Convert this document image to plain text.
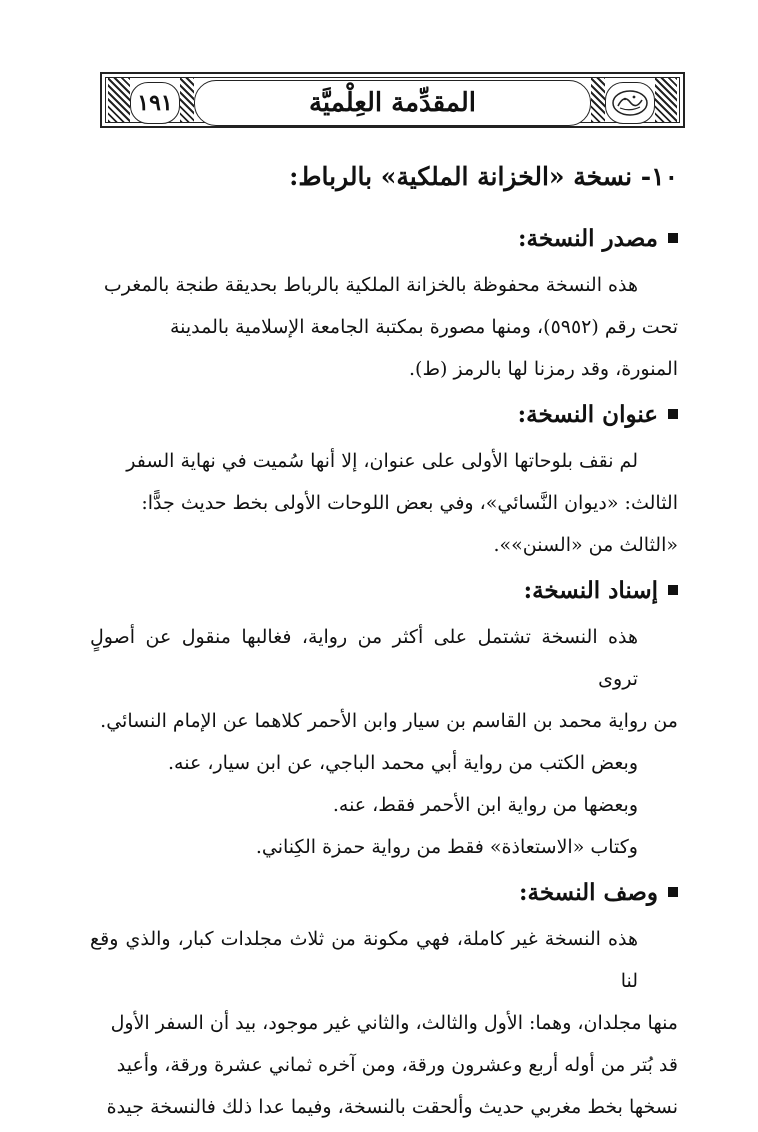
١٩١	المقدِّمة العِلْميَّة
١٠- نسخة «الخزانة الملكية» بالرباط:
مصدر النسخة:
هذه النسخة محفوظة بالخزانة الملكية بالرباط بحديقة طنجة بالمغرب
تحت رقم (٥٩٥٢)، ومنها مصورة بمكتبة الجامعة الإسلامية بالمدينة
المنورة، وقد رمزنا لها بالرمز (ط).
عنوان النسخة:
لم نقف بلوحاتها الأولى على عنوان، إلا أنها سُميت في نهاية السفر
الثالث: «ديوان النَّسائي»، وفي بعض اللوحات الأولى بخط حديث جدًّا:
«الثالث من «السنن»».
إسناد النسخة:
هذه النسخة تشتمل على أكثر من رواية، فغالبها منقول عن أصولٍ تروى
من رواية محمد بن القاسم بن سيار وابن الأحمر كلاهما عن الإمام النسائي.
وبعض الكتب من رواية أبي محمد الباجي، عن ابن سيار، عنه.
وبعضها من رواية ابن الأحمر فقط، عنه.
وكتاب «الاستعاذة» فقط من رواية حمزة الكِناني.
وصف النسخة:
هذه النسخة غير كاملة، فهي مكونة من ثلاث مجلدات كبار، والذي وقع لنا
منها مجلدان، وهما: الأول والثالث، والثاني غير موجود، بيد أن السفر الأول
قد بُتر من أوله أربع وعشرون ورقة، ومن آخره ثماني عشرة ورقة، وأعيد
نسخها بخط مغربي حديث وألحقت بالنسخة، وفيما عدا ذلك فالنسخة جيدة
